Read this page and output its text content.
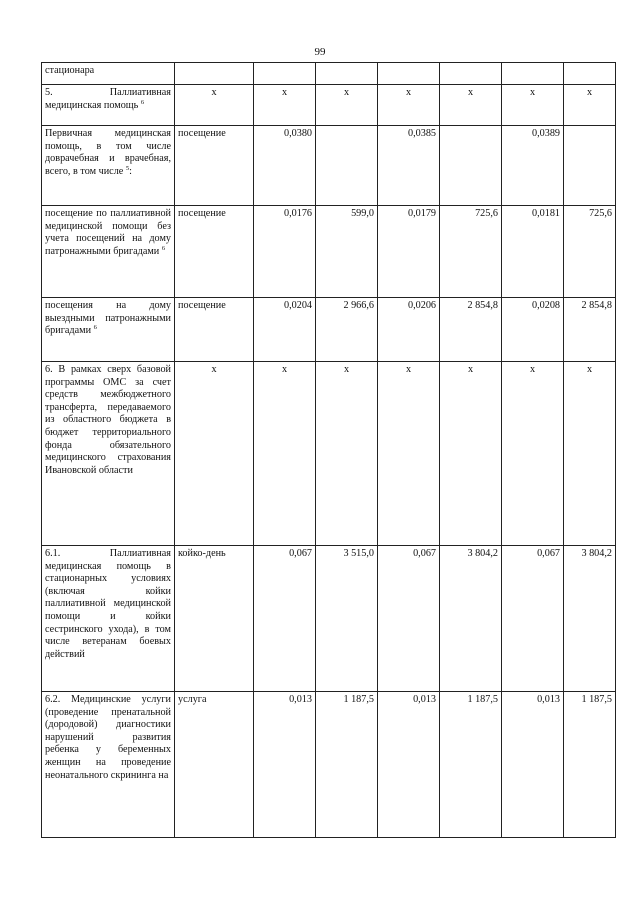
99
стационара							
5. Паллиативная медицинская помощь $^6$	х	х	х	х	х	х	х
Первичная медицинская помощь, в том числе доврачебная и врачебная, всего, в том числе $^5$:	посещение	0,0380		0,0385		0,0389	
посещение по паллиативной медицинской помощи без учета посещений на дому патронажными бригадами $^6$	посещение	0,0176	599,0	0,0179	725,6	0,0181	725,6
посещения на дому выездными патронажными бригадами $^6$	посещение	0,0204	2 966,6	0,0206	2 854,8	0,0208	2 854,8
6. В рамках сверх базовой программы ОМС за счет средств межбюджетного трансферта, передаваемого из областного бюджета в бюджет территориального фонда обязательного медицинского страхования Ивановской области	х	х	х	х	х	х	х
6.1. Паллиативная медицинская помощь в стационарных условиях (включая койки паллиативной медицинской помощи и койки сестринского ухода), в том числе ветеранам боевых действий	койко-день	0,067	3 515,0	0,067	3 804,2	0,067	3 804,2
6.2. Медицинские услуги (проведение пренатальной (дородовой) диагностики нарушений развития ребенка у беременных женщин на проведение неонатального скрининга на	услуга	0,013	1 187,5	0,013	1 187,5	0,013	1 187,5
